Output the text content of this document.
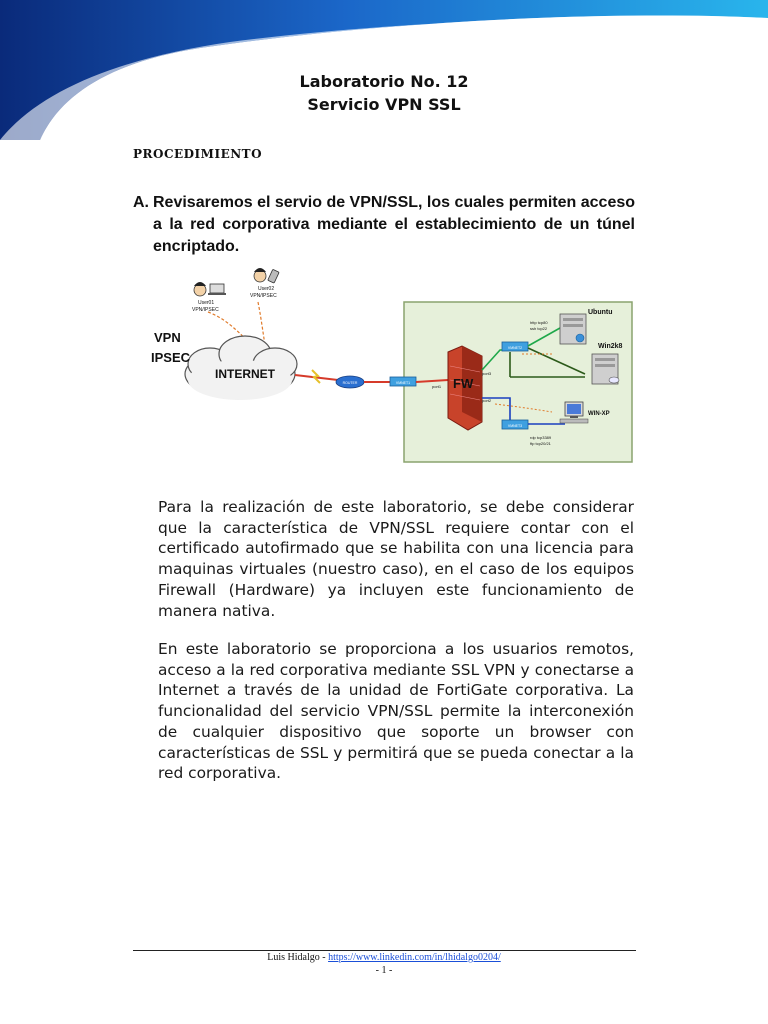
Laboratorio No. 12
Servicio VPN SSL
PROCEDIMIENTO
A. Revisaremos el servio de VPN/SSL, los cuales permiten acceso a la red corporativa mediante el establecimiento de un túnel encriptado.
INTERNET
VPN
IPSEC
User01
VPN/IPSEC
User02
VPN/IPSEC
ROUTER	VMNET1
port1 FW
port3
VMNET2
Ubuntu
http tcp80
ssh tcp22
Win2k8
port2
VMNET3
WIN-XP
rdp tcp3389
ftp tcp20/21
Para la realización de este laboratorio, se debe considerar que la característica de VPN/SSL requiere contar con el certificado autofirmado que se habilita con una licencia para maquinas virtuales (nuestro caso), en el caso de los equipos Firewall (Hardware) ya incluyen este funcionamiento de manera nativa.
En este laboratorio se proporciona a los usuarios remotos, acceso a la red corporativa mediante SSL VPN y conectarse a Internet a través de la unidad de FortiGate corporativa. La funcionalidad del servicio VPN/SSL permite la interconexión de cualquier dispositivo que soporte un browser con características de SSL y permitirá que se pueda conectar a la red corporativa.
Luis Hidalgo - https://www.linkedin.com/in/lhidalgo0204/
- 1 -
